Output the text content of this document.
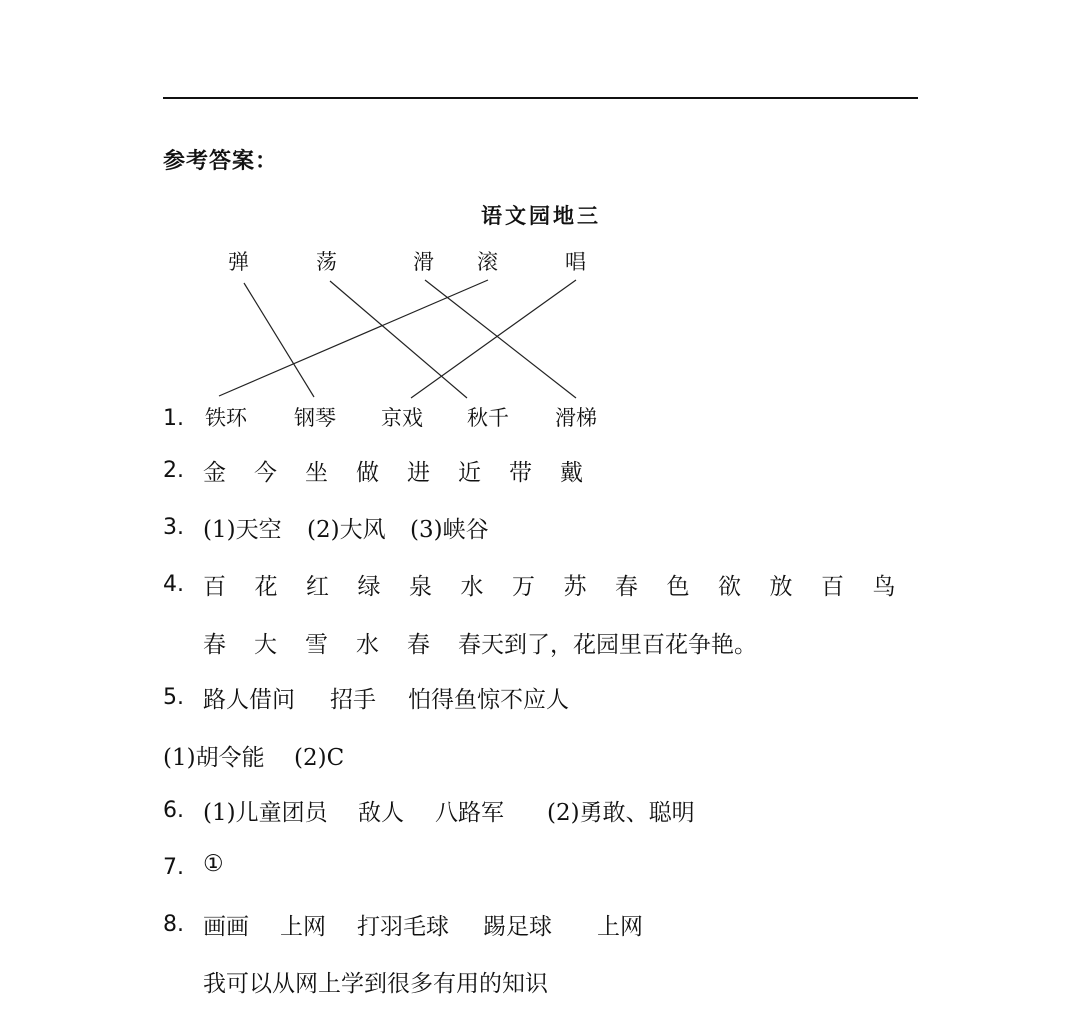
参考答案：
语文园地三
弹	荡	滑 滚	唱
1. 铁环 钢琴 京戏 秋千 滑梯
2. 金 今 坐 做 进 近 带 戴
3. (1)天空 (2)大风 (3)峡谷
4. 百 花 红 绿 泉 水 万 苏 春 色 欲 放 百 鸟
春 大 雪 水 春 春天到了，花园里百花争艳。
5. 路人借问 招手 怕得鱼惊不应人
(1)胡令能 (2)C
6. (1)儿童团员 敌人 八路军 (2)勇敢、聪明
7. ①
8. 画画 上网 打羽毛球 踢足球 上网
我可以从网上学到很多有用的知识
